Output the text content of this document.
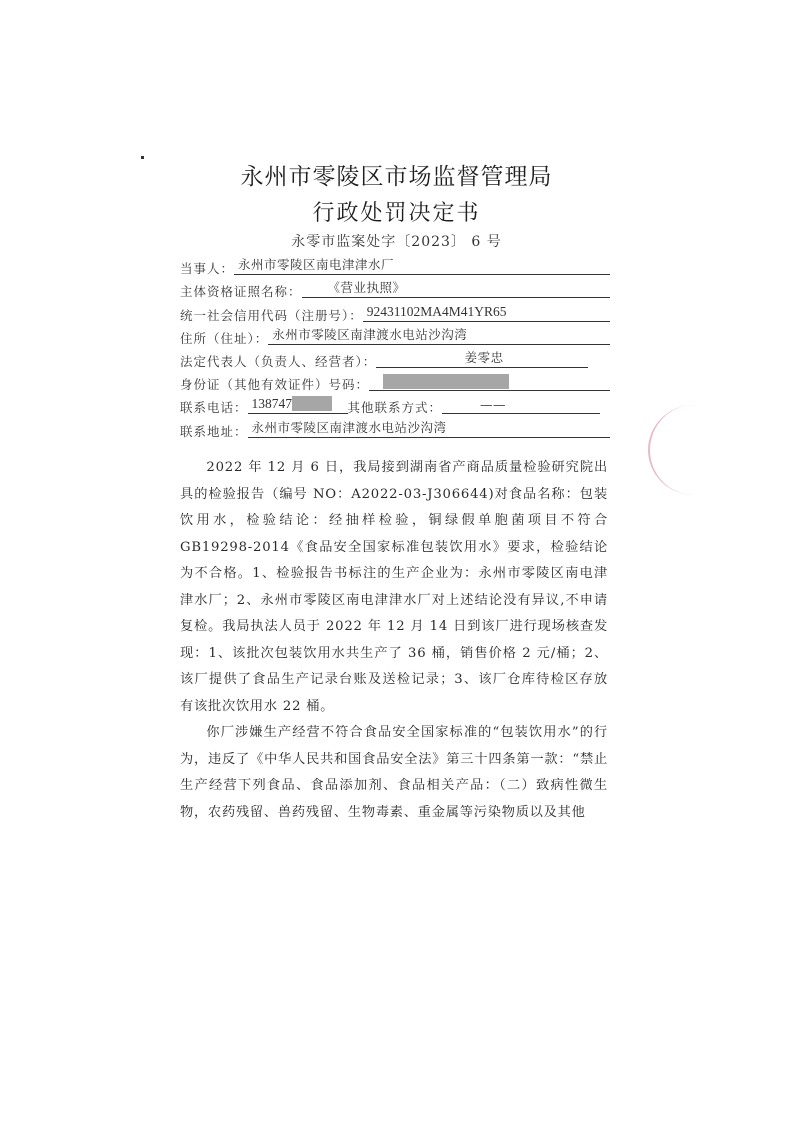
永州市零陵区市场监督管理局
行政处罚决定书
永零市监案处字〔2023〕 6 号
当事人： 永州市零陵区南电津津水厂
主体资格证照名称：	《营业执照》
统一社会信用代码（注册号）： 92431102MA4M41YR65
住所（住址）： 永州市零陵区南津渡水电站沙沟湾
法定代表人（负责人、经营者）：	姜零忠
身份证（其他有效证件）号码：
联系电话： 138747	其他联系方式：	——
联系地址： 永州市零陵区南津渡水电站沙沟湾

2022 年 12 月 6 日，我局接到湖南省产商品质量检验研究院出具的检验报告（编号 NO：A2022-03-J306644)对食品名称：包装饮用水，检验结论：经抽样检验，铜绿假单胞菌项目不符合 GB19298-2014《食品安全国家标准包装饮用水》要求，检验结论为不合格。1、检验报告书标注的生产企业为：永州市零陵区南电津津水厂；2、永州市零陵区南电津津水厂对上述结论没有异议,不申请复检。我局执法人员于 2022 年 12 月 14 日到该厂进行现场核查发现：1、该批次包装饮用水共生产了 36 桶，销售价格 2 元/桶；2、该厂提供了食品生产记录台账及送检记录；3、该厂仓库待检区存放有该批次饮用水 22 桶。

你厂涉嫌生产经营不符合食品安全国家标准的“包装饮用水”的行为，违反了《中华人民共和国食品安全法》第三十四条第一款：“禁止生产经营下列食品、食品添加剂、食品相关产品：（二）致病性微生物，农药残留、兽药残留、生物毒素、重金属等污染物质以及其他
